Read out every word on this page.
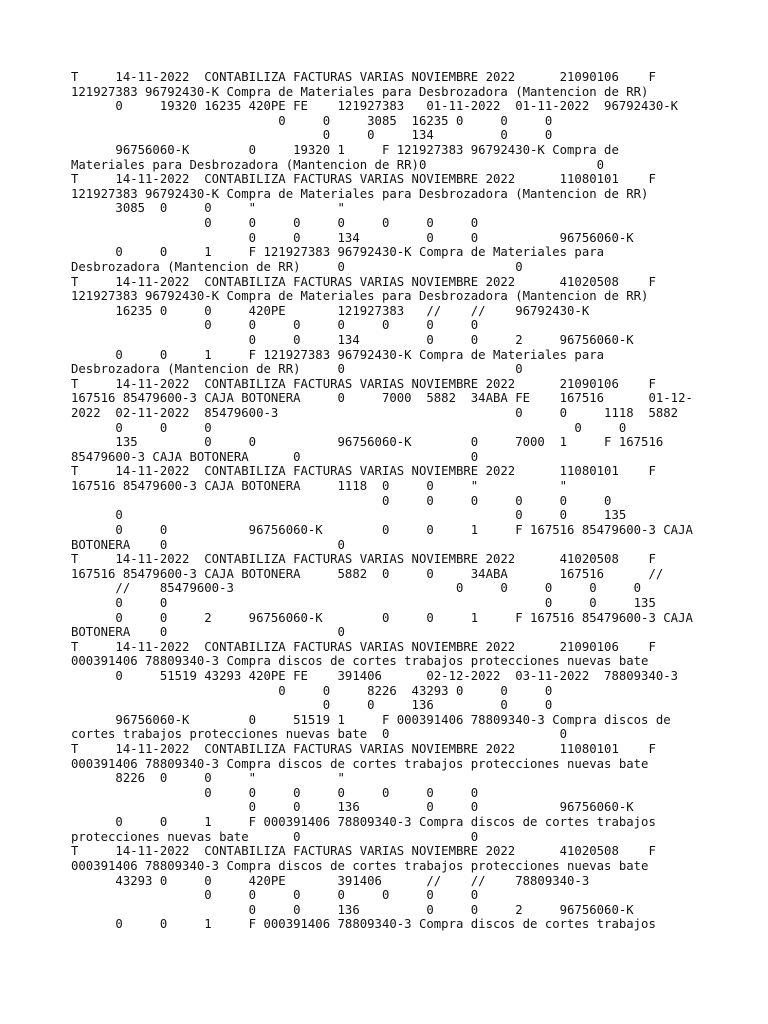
T     14-11-2022  CONTABILIZA FACTURAS VARIAS NOVIEMBRE 2022      21090106    F
121927383 96792430-K Compra de Materiales para Desbrozadora (Mantencion de RR)
0     19320 16235 420PE FE    121927383   01-11-2022  01-11-2022  96792430-K
0     0     3085  16235 0     0     0
0     0     134         0     0
96756060-K        0     19320 1     F 121927383 96792430-K Compra de
Materiales para Desbrozadora (Mantencion de RR)0                       0
T     14-11-2022  CONTABILIZA FACTURAS VARIAS NOVIEMBRE 2022      11080101    F
121927383 96792430-K Compra de Materiales para Desbrozadora (Mantencion de RR)
3085  0     0     "           "
0     0     0     0     0     0     0
0     0     134         0     0           96756060-K
0     0     1     F 121927383 96792430-K Compra de Materiales para
Desbrozadora (Mantencion de RR)     0                       0
T     14-11-2022  CONTABILIZA FACTURAS VARIAS NOVIEMBRE 2022      41020508    F
121927383 96792430-K Compra de Materiales para Desbrozadora (Mantencion de RR)
16235 0     0     420PE       121927383   //    //    96792430-K
0     0     0     0     0     0     0
0     0     134         0     0     2     96756060-K
0     0     1     F 121927383 96792430-K Compra de Materiales para
Desbrozadora (Mantencion de RR)     0                       0
T     14-11-2022  CONTABILIZA FACTURAS VARIAS NOVIEMBRE 2022      21090106    F
167516 85479600-3 CAJA BOTONERA     0     7000  5882  34ABA FE    167516      01-12-
2022  02-11-2022  85479600-3                                0     0     1118  5882
0     0     0                                                 0     0
135         0     0           96756060-K        0     7000  1     F 167516
85479600-3 CAJA BOTONERA      0                       0
T     14-11-2022  CONTABILIZA FACTURAS VARIAS NOVIEMBRE 2022      11080101    F
167516 85479600-3 CAJA BOTONERA     1118  0     0     "           "
0     0     0     0     0     0
0                                                     0     0     135
0     0           96756060-K        0     0     1     F 167516 85479600-3 CAJA
BOTONERA    0                       0
T     14-11-2022  CONTABILIZA FACTURAS VARIAS NOVIEMBRE 2022      41020508    F
167516 85479600-3 CAJA BOTONERA     5882  0     0     34ABA       167516      //
//    85479600-3                              0     0     0     0     0
0     0                                                   0     0     135
0     0     2     96756060-K        0     0     1     F 167516 85479600-3 CAJA
BOTONERA    0                       0
T     14-11-2022  CONTABILIZA FACTURAS VARIAS NOVIEMBRE 2022      21090106    F
000391406 78809340-3 Compra discos de cortes trabajos protecciones nuevas bate
0     51519 43293 420PE FE    391406      02-12-2022  03-11-2022  78809340-3
0     0     8226  43293 0     0     0
0     0     136         0     0
96756060-K        0     51519 1     F 000391406 78809340-3 Compra discos de
cortes trabajos protecciones nuevas bate  0                       0
T     14-11-2022  CONTABILIZA FACTURAS VARIAS NOVIEMBRE 2022      11080101    F
000391406 78809340-3 Compra discos de cortes trabajos protecciones nuevas bate
8226  0     0     "           "
0     0     0     0     0     0     0
0     0     136         0     0           96756060-K
0     0     1     F 000391406 78809340-3 Compra discos de cortes trabajos
protecciones nuevas bate      0                       0
T     14-11-2022  CONTABILIZA FACTURAS VARIAS NOVIEMBRE 2022      41020508    F
000391406 78809340-3 Compra discos de cortes trabajos protecciones nuevas bate
43293 0     0     420PE       391406      //    //    78809340-3
0     0     0     0     0     0     0
0     0     136         0     0     2     96756060-K
0     0     1     F 000391406 78809340-3 Compra discos de cortes trabajos
